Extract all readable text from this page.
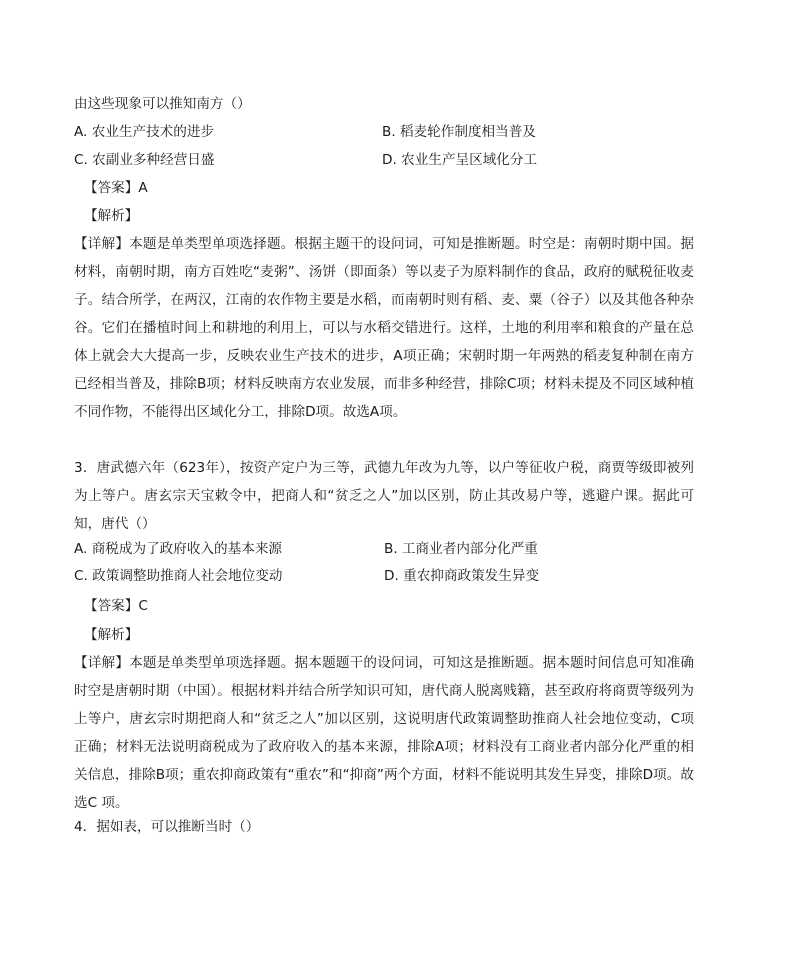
由这些现象可以推知南方（）
A. 农业生产技术的进步	B. 稻麦轮作制度相当普及
C. 农副业多种经营日盛	D. 农业生产呈区域化分工
【答案】A
【解析】
【详解】本题是单类型单项选择题。根据主题干的设问词，可知是推断题。时空是：南朝时期中国。据材料，南朝时期，南方百姓吃“麦粥”、汤饼（即面条）等以麦子为原料制作的食品，政府的赋税征收麦子。结合所学，在两汉，江南的农作物主要是水稻，而南朝时则有稻、麦、粟（谷子）以及其他各种杂谷。它们在播植时间上和耕地的利用上，可以与水稻交错进行。这样，土地的利用率和粮食的产量在总体上就会大大提高一步，反映农业生产技术的进步，A项正确；宋朝时期一年两熟的稻麦复种制在南方已经相当普及，排除B项；材料反映南方农业发展，而非多种经营，排除C项；材料未提及不同区域种植不同作物，不能得出区域化分工，排除D项。故选A项。
3．唐武德六年（623年），按资产定户为三等，武德九年改为九等，以户等征收户税，商贾等级即被列为上等户。唐玄宗天宝敕令中，把商人和“贫乏之人”加以区别，防止其改易户等，逃避户课。据此可知，唐代（）
A. 商税成为了政府收入的基本来源	B. 工商业者内部分化严重
C. 政策调整助推商人社会地位变动	D. 重农抑商政策发生异变
【答案】C
【解析】
【详解】本题是单类型单项选择题。据本题题干的设问词，可知这是推断题。据本题时间信息可知准确时空是唐朝时期（中国）。根据材料并结合所学知识可知，唐代商人脱离贱籍，甚至政府将商贾等级列为上等户，唐玄宗时期把商人和“贫乏之人”加以区别，这说明唐代政策调整助推商人社会地位变动，C项正确；材料无法说明商税成为了政府收入的基本来源，排除A项；材料没有工商业者内部分化严重的相关信息，排除B项；重农抑商政策有“重农”和“抑商”两个方面，材料不能说明其发生异变，排除D项。故选C 项。
4．据如表，可以推断当时（）
